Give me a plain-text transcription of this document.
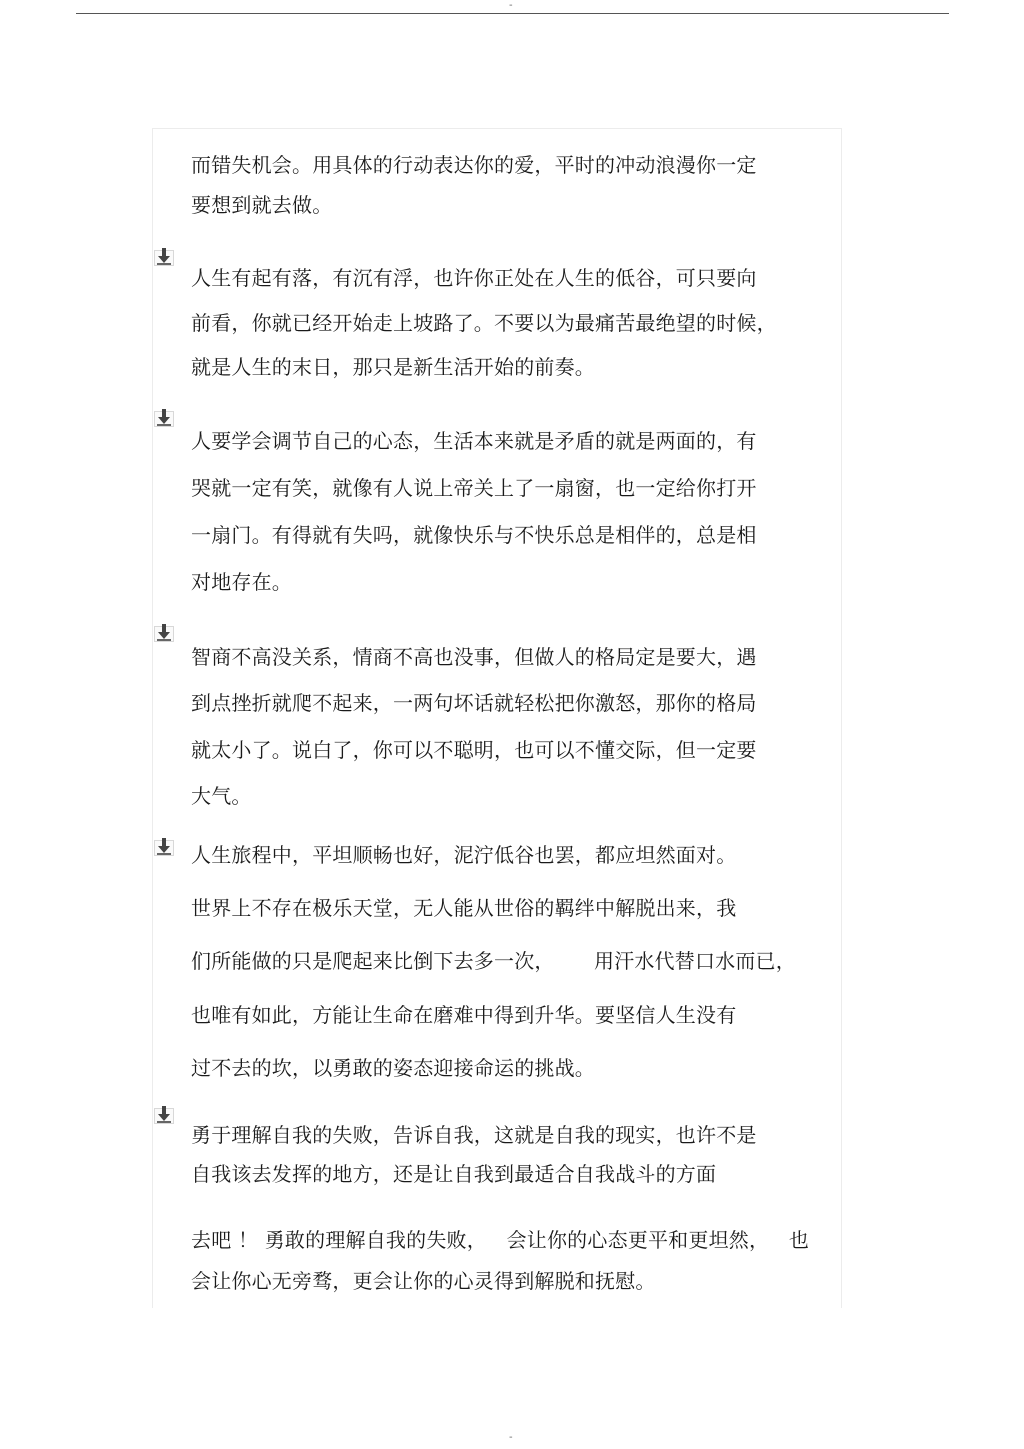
-
而错失机会。用具体的行动表达你的爱，平时的冲动浪漫你一定
要想到就去做。
人生有起有落，有沉有浮，也许你正处在人生的低谷，可只要向
前看，你就已经开始走上坡路了。不要以为最痛苦最绝望的时候，
就是人生的末日，那只是新生活开始的前奏。
人要学会调节自己的心态，生活本来就是矛盾的就是两面的，有
哭就一定有笑，就像有人说上帝关上了一扇窗，也一定给你打开
一扇门。有得就有失吗，就像快乐与不快乐总是相伴的，总是相
对地存在。
智商不高没关系，情商不高也没事，但做人的格局定是要大，遇
到点挫折就爬不起来，一两句坏话就轻松把你激怒，那你的格局
就太小了。说白了，你可以不聪明，也可以不懂交际，但一定要
大气。
人生旅程中，平坦顺畅也好，泥泞低谷也罢，都应坦然面对。
世界上不存在极乐天堂，无人能从世俗的羁绊中解脱出来，我
们所能做的只是爬起来比倒下去多一次，      用汗水代替口水而已，
也唯有如此，方能让生命在磨难中得到升华。要坚信人生没有
过不去的坎，以勇敢的姿态迎接命运的挑战。
勇于理解自我的失败，告诉自我，这就是自我的现实，也许不是
自我该去发挥的地方，还是让自我到最适合自我战斗的方面
去吧 ！ 勇敢的理解自我的失败，   会让你的心态更平和更坦然，   也
会让你心无旁骛，更会让你的心灵得到解脱和抚慰。
-
